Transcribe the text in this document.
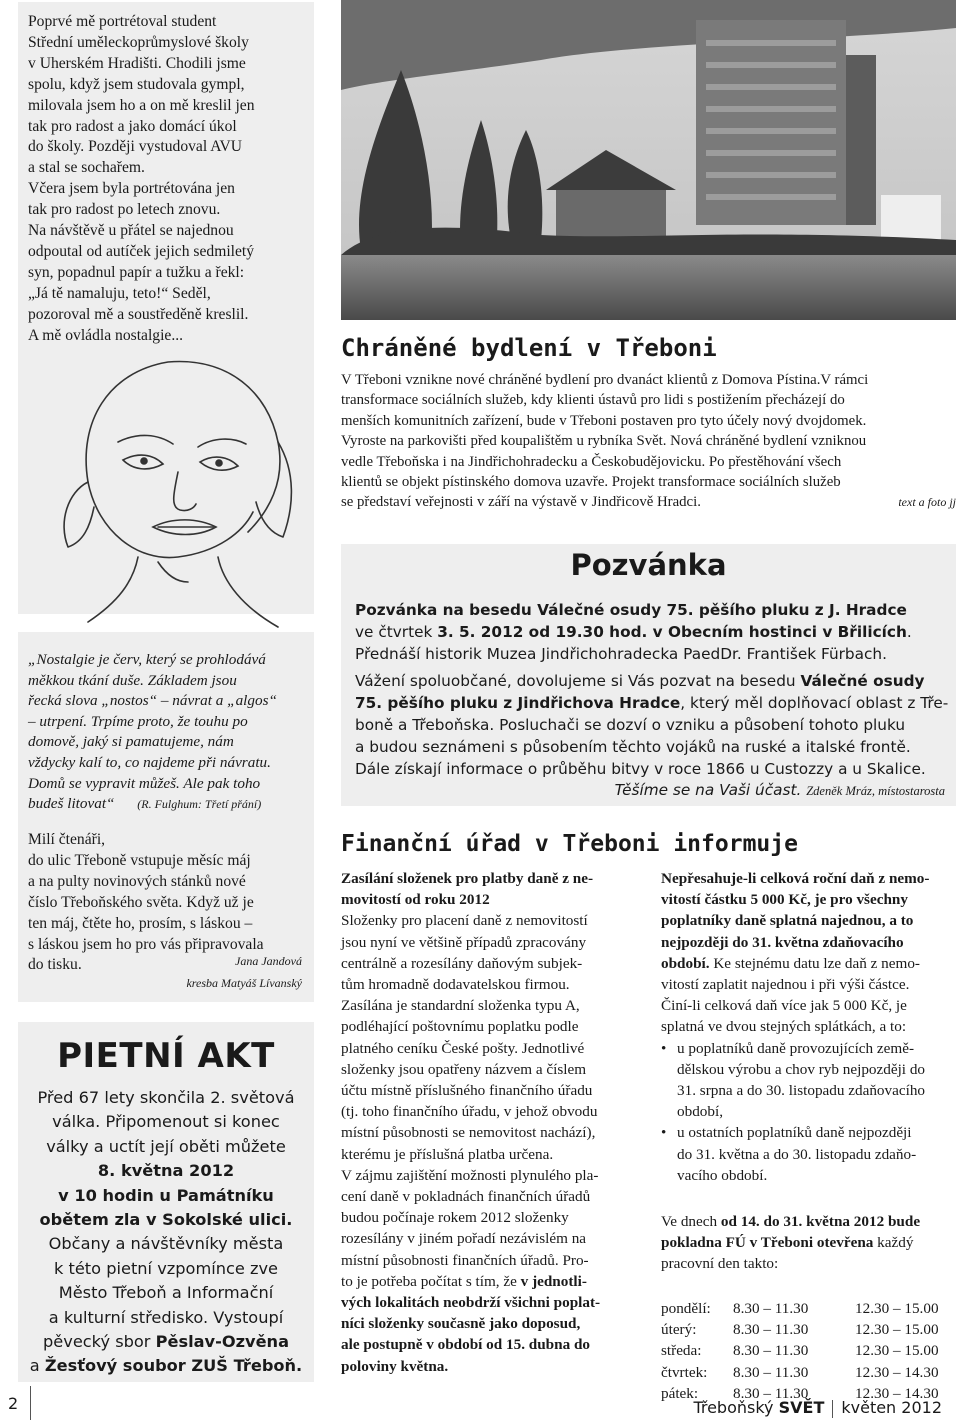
Poprvé mě portrétoval student
Střední uměleckoprůmyslové školy
v Uherském Hradišti. Chodili jsme
spolu, když jsem studovala gympl,
milovala jsem ho a on mě kreslil jen
tak pro radost a jako domácí úkol
do školy. Později vystudoval AVU
a stal se sochařem.
Včera jsem byla portrétována jen
tak pro radost po letech znovu.
Na návštěvě u přátel se najednou
odpoutal od autíček jejich sedmiletý
syn, popadnul papír a tužku a řekl:
„Já tě namaluju, teto!“ Seděl,
pozoroval mě a soustředěně kreslil.
A mě ovládla nostalgie...
„Nostalgie je červ, který se prohlodává
měkkou tkání duše. Základem jsou
řecká slova „nostos“ – návrat a „algos“
– utrpení. Trpíme proto, že touhu po
domově, jaký si pamatujeme, nám
vždycky kalí to, co najdeme při návratu.
Domů se vypravit můžeš. Ale pak toho
budeš litovat“ (R. Fulghum: Třetí přání)
Milí čtenáři,
do ulic Třeboně vstupuje měsíc máj
a na pulty novinových stánků nové
číslo Třeboňského světa. Když už je
ten máj, čtěte ho, prosím, s láskou –
s láskou jsem ho pro vás připravovala
do tisku.	Jana Jandová
kresba Matyáš Lívanský
PIETNÍ AKT
Před 67 lety skončila 2. světová
válka. Připomenout si konec
války a uctít její oběti můžete
8. května 2012
v 10 hodin u Památníku
obětem zla v Sokolské ulici.
Občany a návštěvníky města
k této pietní vzpomínce zve
Město Třeboň a Informační
a kulturní středisko. Vystoupí
pěvecký sbor Pěslav-Ozvěna
a Žesťový soubor ZUŠ Třeboň.
Chráněné bydlení v Třeboni
V Třeboni vznikne nové chráněné bydlení pro dvanáct klientů z Domova Pístina.V rámci
transformace sociálních služeb, kdy klienti ústavů pro lidi s postižením přecházejí do
menších komunitních zařízení, bude v Třeboni postaven pro tyto účely nový dvojdomek.
Vyroste na parkovišti před koupalištěm u rybníka Svět. Nová chráněné bydlení vzniknou
vedle Třeboňska i na Jindřichohradecku a Českobudějovicku. Po přestěhování všech
klientů se objekt pístinského domova uzavře. Projekt transformace sociálních služeb
se představí veřejnosti v září na výstavě v Jindřicově Hradci.	text a foto jj
Pozvánka
Pozvánka na besedu Válečné osudy 75. pěšího pluku z J. Hradce
ve čtvrtek 3. 5. 2012 od 19.30 hod. v Obecním hostinci v Břilicích.
Přednáší historik Muzea Jindřichohradecka PaedDr. František Fürbach.
Vážení spoluobčané, dovolujeme si Vás pozvat na besedu Válečné osudy
75. pěšího pluku z Jindřichova Hradce, který měl doplňovací oblast z Tře-
boně a Třeboňska. Posluchači se dozví o vzniku a působení tohoto pluku
a budou seznámeni s působením těchto vojáků na ruské a italské frontě.
Dále získají informace o průběhu bitvy v roce 1866 u Custozzy a u Skalice.
Těšíme se na Vaši účast. Zdeněk Mráz, místostarosta
Finanční úřad v Třeboni informuje
Zasílání složenek pro platby daně z ne-
movitostí od roku 2012
Složenky pro placení daně z nemovitostí
jsou nyní ve většině případů zpracovány
centrálně a rozesílány daňovým subjek-
tům hromadně dodavatelskou firmou.
Zasílána je standardní složenka typu A,
podléhající poštovnímu poplatku podle
platného ceníku České pošty. Jednotlivé
složenky jsou opatřeny názvem a číslem
účtu místně příslušného finančního úřadu
(tj. toho finančního úřadu, v jehož obvodu
místní působnosti se nemovitost nachází),
kterému je příslušná platba určena.
V zájmu zajištění možnosti plynulého pla-
cení daně v pokladnách finančních úřadů
budou počínaje rokem 2012 složenky
rozesílány v jiném pořadí nezávislém na
místní působnosti finančních úřadů. Pro-
to je potřeba počítat s tím, že v jednotli-
vých lokalitách neobdrží všichni poplat-
níci složenky současně jako doposud,
ale postupně v období od 15. dubna do
poloviny května.
Nepřesahuje-li celková roční daň z nemo-
vitostí částku 5 000 Kč, je pro všechny
poplatníky daně splatná najednou, a to
nejpozději do 31. května zdaňovacího
období. Ke stejnému datu lze daň z nemo-
vitostí zaplatit najednou i při výši částce.
Činí-li celková daň více jak 5 000 Kč, je
splatná ve dvou stejných splátkách, a to:
• u poplatníků daně provozujících země-
dělskou výrobu a chov ryb nejpozději do
31. srpna a do 30. listopadu zdaňovacího
období,
• u ostatních poplatníků daně nejpozději
do 31. května a do 30. listopadu zdaňo-
vacího období.
Ve dnech od 14. do 31. května 2012 bude
pokladna FÚ v Třeboni otevřena každý
pracovní den takto:
pondělí:	8.30 – 11.30	12.30 – 15.00
úterý:	8.30 – 11.30	12.30 – 15.00
středa:	8.30 – 11.30	12.30 – 15.00
čtvrtek:	8.30 – 11.30	12.30 – 14.30
pátek:	8.30 – 11.30	12.30 – 14.30
2	Třeboňský SVĚT květen 2012
